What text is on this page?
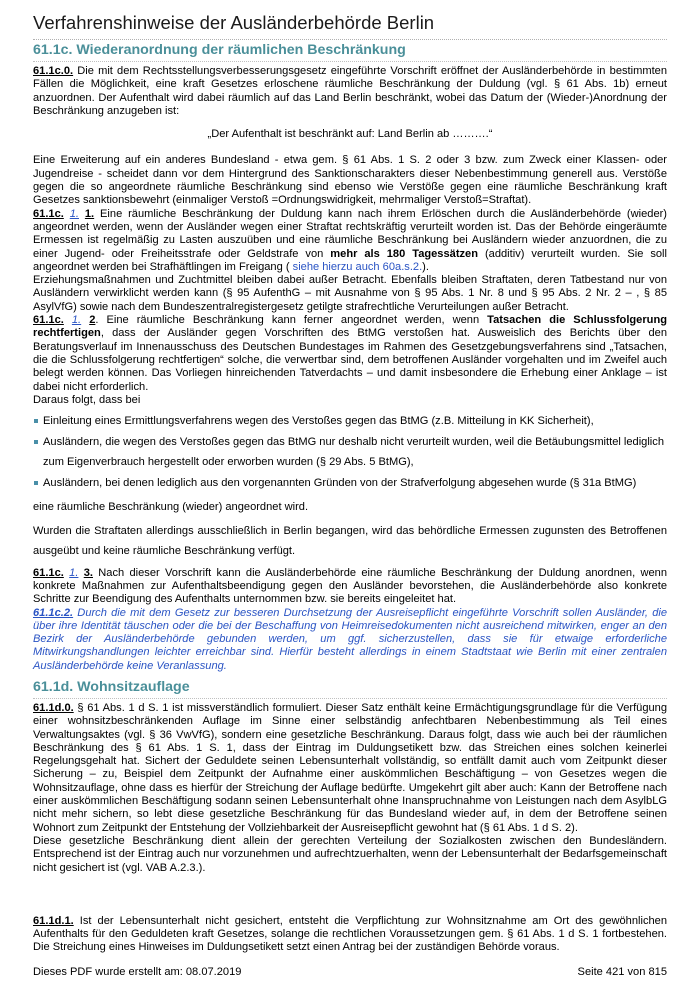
Verfahrenshinweise der Ausländerbehörde Berlin
61.1c. Wiederanordnung der räumlichen Beschränkung

61.1c.0. Die mit dem Rechtsstellungsverbesserungsgesetz eingeführte Vorschrift eröffnet der Ausländerbehörde in bestimmten Fällen die Möglichkeit, eine kraft Gesetzes erloschene räumliche Beschränkung der Duldung (vgl. § 61 Abs. 1b) erneut anzuordnen. Der Aufenthalt wird dabei räumlich auf das Land Berlin beschränkt, wobei das Datum der (Wieder-)Anordnung der Beschränkung anzugeben ist:

„Der Aufenthalt ist beschränkt auf: Land Berlin ab ……….“

Eine Erweiterung auf ein anderes Bundesland - etwa gem. § 61 Abs. 1 S. 2 oder 3 bzw. zum Zweck einer Klassen- oder Jugendreise - scheidet dann vor dem Hintergrund des Sanktionscharakters dieser Nebenbestimmung generell aus. Verstöße gegen die so angeordnete räumliche Beschränkung sind ebenso wie Verstöße gegen eine räumliche Beschränkung kraft Gesetzes sanktionsbewehrt (einmaliger Verstoß =Ordnungswidrigkeit, mehrmaliger Verstoß=Straftat).

61.1c. 1. 1. Eine räumliche Beschränkung der Duldung kann nach ihrem Erlöschen durch die Ausländerbehörde (wieder) angeordnet werden, wenn der Ausländer wegen einer Straftat rechtskräftig verurteilt worden ist. Das der Behörde eingeräumte Ermessen ist regelmäßig zu Lasten auszuüben und eine räumliche Beschränkung bei Ausländern wieder anzuordnen, die zu einer Jugend- oder Freiheitsstrafe oder Geldstrafe von mehr als 180 Tagessätzen (additiv) verurteilt wurden. Sie soll angeordnet werden bei Strafhäftlingen im Freigang ( siehe hierzu auch 60a.s.2.).

Erziehungsmaßnahmen und Zuchtmittel bleiben dabei außer Betracht. Ebenfalls bleiben Straftaten, deren Tatbestand nur von Ausländern verwirklicht werden kann (§ 95 AufenthG – mit Ausnahme von § 95 Abs. 1 Nr. 8 und § 95 Abs. 2 Nr. 2 – , § 85 AsylVfG) sowie nach dem Bundeszentralregistergesetz getilgte strafrechtliche Verurteilungen außer Betracht.

61.1c. 1. 2. Eine räumliche Beschränkung kann ferner angeordnet werden, wenn Tatsachen die Schlussfolgerung rechtfertigen, dass der Ausländer gegen Vorschriften des BtMG verstoßen hat. Ausweislich des Berichts über den Beratungsverlauf im Innenausschuss des Deutschen Bundestages im Rahmen des Gesetzgebungsverfahrens sind „Tatsachen, die die Schlussfolgerung rechtfertigen“ solche, die verwertbar sind, dem betroffenen Ausländer vorgehalten und im Zweifel auch belegt werden können. Das Vorliegen hinreichenden Tatverdachts – und damit insbesondere die Erhebung einer Anklage – ist dabei nicht erforderlich.

Daraus folgt, dass bei

Einleitung eines Ermittlungsverfahrens wegen des Verstoßes gegen das BtMG (z.B. Mitteilung in KK Sicherheit),
Ausländern, die wegen des Verstoßes gegen das BtMG nur deshalb nicht verurteilt wurden, weil die Betäubungsmittel lediglich zum Eigenverbrauch hergestellt oder erworben wurden (§ 29 Abs. 5 BtMG),
Ausländern, bei denen lediglich aus den vorgenannten Gründen von der Strafverfolgung abgesehen wurde (§ 31a BtMG)

eine räumliche Beschränkung (wieder) angeordnet wird.

Wurden die Straftaten allerdings ausschließlich in Berlin begangen, wird das behördliche Ermessen zugunsten des Betroffenen ausgeübt und keine räumliche Beschränkung verfügt.

61.1c. 1. 3. Nach dieser Vorschrift kann die Ausländerbehörde eine räumliche Beschränkung der Duldung anordnen, wenn konkrete Maßnahmen zur Aufenthaltsbeendigung gegen den Ausländer bevorstehen, die Ausländerbehörde also konkrete Schritte zur Beendigung des Aufenthalts unternommen bzw. sie bereits eingeleitet hat.

61.1c.2. Durch die mit dem Gesetz zur besseren Durchsetzung der Ausreisepflicht eingeführte Vorschrift sollen Ausländer, die über ihre Identität täuschen oder die bei der Beschaffung von Heimreisedokumenten nicht ausreichend mitwirken, enger an den Bezirk der Ausländerbehörde gebunden werden, um ggf. sicherzustellen, dass sie für etwaige erforderliche Mitwirkungshandlungen leichter erreichbar sind. Hierfür besteht allerdings in einem Stadtstaat wie Berlin mit einer zentralen Ausländerbehörde keine Veranlassung.

61.1d. Wohnsitzauflage

61.1d.0. § 61 Abs. 1 d S. 1 ist missverständlich formuliert. Dieser Satz enthält keine Ermächtigungsgrundlage für die Verfügung einer wohnsitzbeschränkenden Auflage im Sinne einer selbständig anfechtbaren Nebenbestimmung als Teil eines Verwaltungsaktes (vgl. § 36 VwVfG), sondern eine gesetzliche Beschränkung. Daraus folgt, dass wie auch bei der räumlichen Beschränkung des § 61 Abs. 1 S. 1, dass der Eintrag im Duldungsetikett bzw. das Streichen eines solchen keinerlei Regelungsgehalt hat. Sichert der Geduldete seinen Lebensunterhalt vollständig, so entfällt damit auch vom Zeitpunkt dieser Sicherung – zu, Beispiel dem Zeitpunkt der Aufnahme einer auskömmlichen Beschäftigung – von Gesetzes wegen die Wohnsitzauflage, ohne dass es hierfür der Streichung der Auflage bedürfte. Umgekehrt gilt aber auch: Kann der Betroffene nach einer auskömmlichen Beschäftigung sodann seinen Lebensunterhalt ohne Inanspruchnahme von Leistungen nach dem AsylbLG nicht mehr sichern, so lebt diese gesetzliche Beschränkung für das Bundesland wieder auf, in dem der Betroffene seinen Wohnort zum Zeitpunkt der Entstehung der Vollziehbarkeit der Ausreisepflicht gewohnt hat (§ 61 Abs. 1 d S. 2).

Diese gesetzliche Beschränkung dient allein der gerechten Verteilung der Sozialkosten zwischen den Bundesländern. Entsprechend ist der Eintrag auch nur vorzunehmen und aufrechtzuerhalten, wenn der Lebensunterhalt der Bedarfsgemeinschaft nicht gesichert ist (vgl. VAB A.2.3.).

61.1d.1. Ist der Lebensunterhalt nicht gesichert, entsteht die Verpflichtung zur Wohnsitznahme am Ort des gewöhnlichen Aufenthalts für den Geduldeten kraft Gesetzes, solange die rechtlichen Voraussetzungen gem. § 61 Abs. 1 d S. 1 fortbestehen. Die Streichung eines Hinweises im Duldungsetikett setzt einen Antrag bei der zuständigen Behörde voraus.

Dieses PDF wurde erstellt am: 08.07.2019	Seite 421 von 815
